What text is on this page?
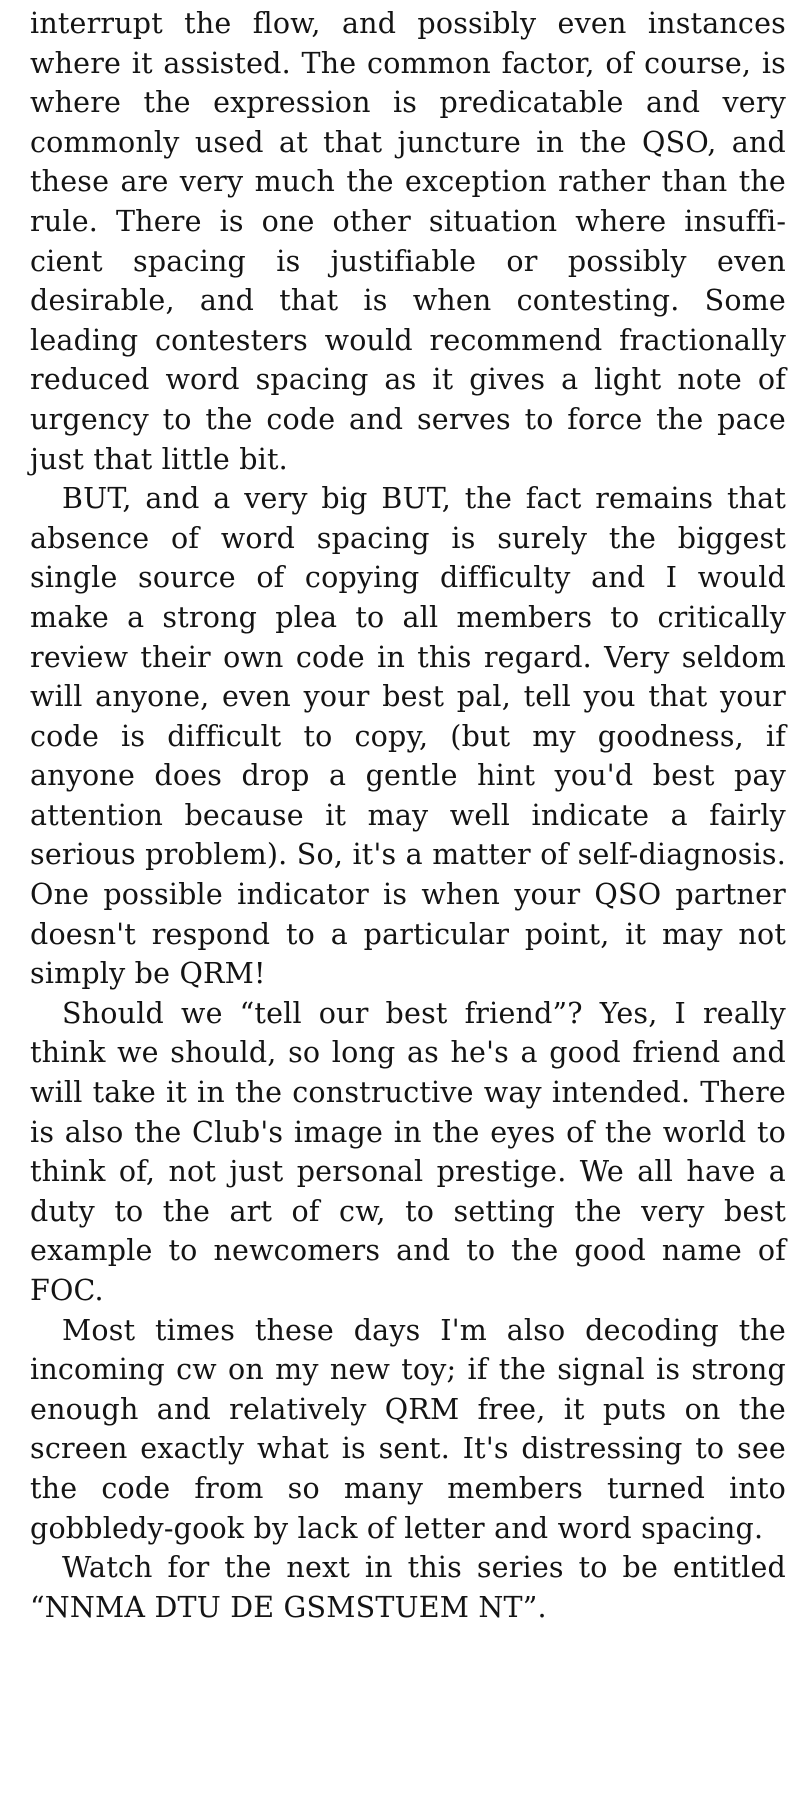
interrupt the flow, and possibly even instances where it assisted. The common factor, of course, is where the expression is predicatable and very commonly used at that juncture in the QSO, and these are very much the exception rather than the rule. There is one other situation where insufficient spacing is justifiable or possibly even desirable, and that is when contesting. Some leading contesters would recommend fractionally reduced word spacing as it gives a light note of urgency to the code and serves to force the pace just that little bit.

BUT, and a very big BUT, the fact remains that absence of word spacing is surely the biggest single source of copying difficulty and I would make a strong plea to all members to critically review their own code in this regard. Very seldom will anyone, even your best pal, tell you that your code is difficult to copy, (but my goodness, if anyone does drop a gentle hint you'd best pay attention because it may well indicate a fairly serious problem). So, it's a matter of self-diagnosis. One possible indicator is when your QSO partner doesn't respond to a particular point, it may not simply be QRM!

Should we “tell our best friend”? Yes, I really think we should, so long as he's a good friend and will take it in the constructive way intended. There is also the Club's image in the eyes of the world to think of, not just personal prestige. We all have a duty to the art of cw, to setting the very best example to newcomers and to the good name of FOC.

Most times these days I'm also decoding the incoming cw on my new toy; if the signal is strong enough and relatively QRM free, it puts on the screen exactly what is sent. It's distressing to see the code from so many members turned into gobbledy-gook by lack of letter and word spacing.

Watch for the next in this series to be entitled “NNMA DTU DE GSMSTUEM NT”.
